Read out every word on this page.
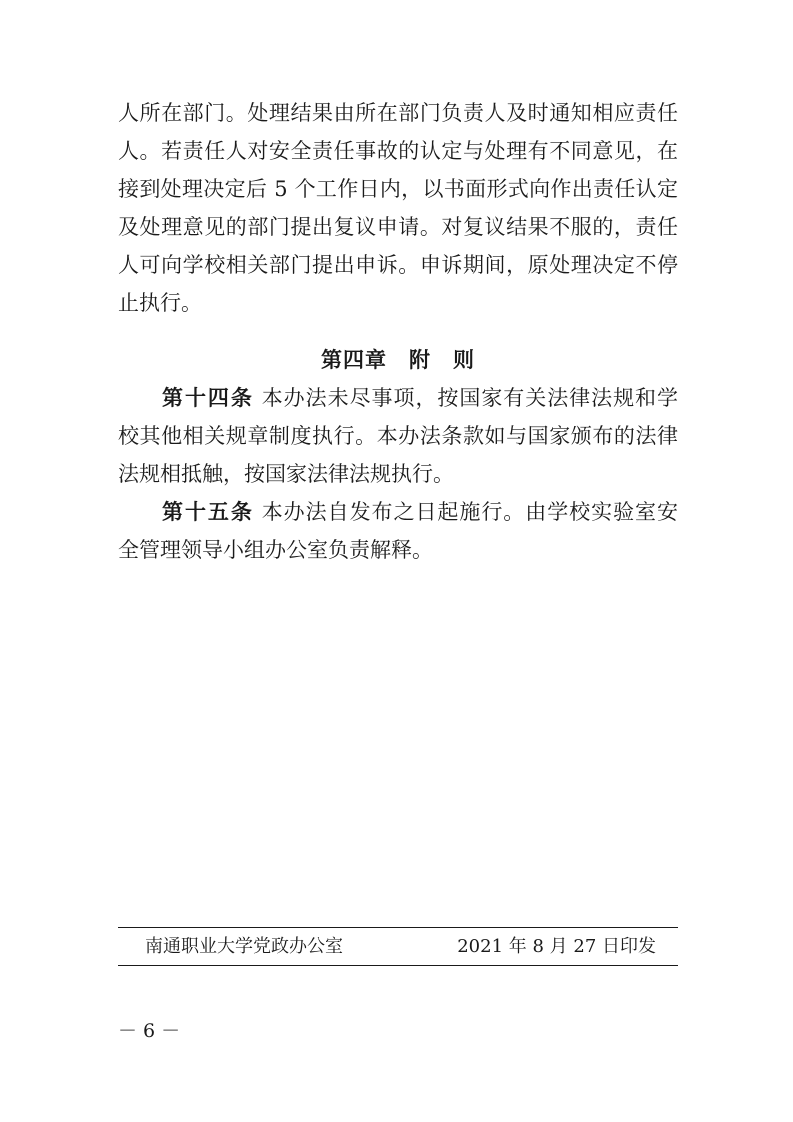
人所在部门。处理结果由所在部门负责人及时通知相应责任
人。若责任人对安全责任事故的认定与处理有不同意见，在
接到处理决定后 5 个工作日内，以书面形式向作出责任认定
及处理意见的部门提出复议申请。对复议结果不服的，责任
人可向学校相关部门提出申诉。申诉期间，原处理决定不停
止执行。
第四章 附　则
第十四条  本办法未尽事项，按国家有关法律法规和学
校其他相关规章制度执行。本办法条款如与国家颁布的法律
法规相抵触，按国家法律法规执行。
第十五条  本办法自发布之日起施行。由学校实验室安
全管理领导小组办公室负责解释。
南通职业大学党政办公室	2021 年 8 月 27 日印发
－ 6 －
